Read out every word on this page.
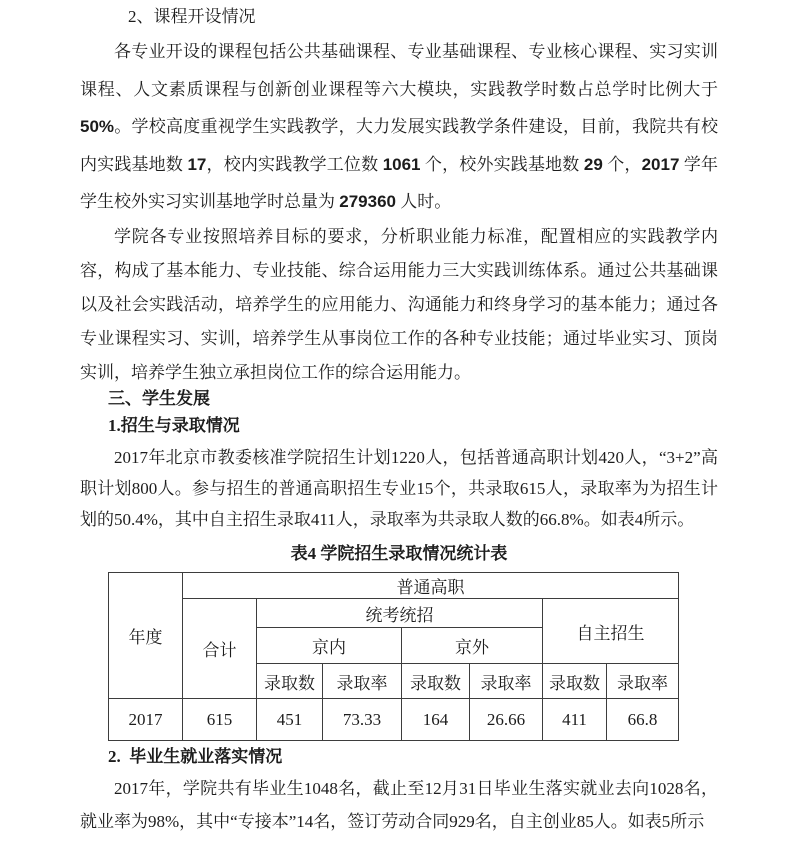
2、课程开设情况

各专业开设的课程包括公共基础课程、专业基础课程、专业核心课程、实习实训课程、人文素质课程与创新创业课程等六大模块，实践教学时数占总学时比例大于 50%。学校高度重视学生实践教学，大力发展实践教学条件建设，目前，我院共有校内实践基地数 17，校内实践教学工位数 1061 个，校外实践基地数 29 个，2017 学年学生校外实习实训基地学时总量为 279360 人时。

学院各专业按照培养目标的要求，分析职业能力标准，配置相应的实践教学内容，构成了基本能力、专业技能、综合运用能力三大实践训练体系。通过公共基础课以及社会实践活动，培养学生的应用能力、沟通能力和终身学习的基本能力；通过各专业课程实习、实训，培养学生从事岗位工作的各种专业技能；通过毕业实习、顶岗实训，培养学生独立承担岗位工作的综合运用能力。

三、学生发展
1.招生与录取情况

2017年北京市教委核准学院招生计划1220人，包括普通高职计划420人，“3+2”高职计划800人。参与招生的普通高职招生专业15个，共录取615人，录取率为为招生计划的50.4%，其中自主招生录取411人，录取率为共录取人数的66.8%。如表4所示。

表4 学院招生录取情况统计表
年度	普通高职						
	合计	统考统招				自主招生	
		京内		京外			
		录取数	录取率	录取数	录取率	录取数	录取率
2017	615	451	73.33	164	26.66	411	66.8
2.  毕业生就业落实情况

2017年，学院共有毕业生1048名，截止至12月31日毕业生落实就业去向1028名，就业率为98%，其中“专接本”14名，签订劳动合同929名，自主创业85人。如表5所示
